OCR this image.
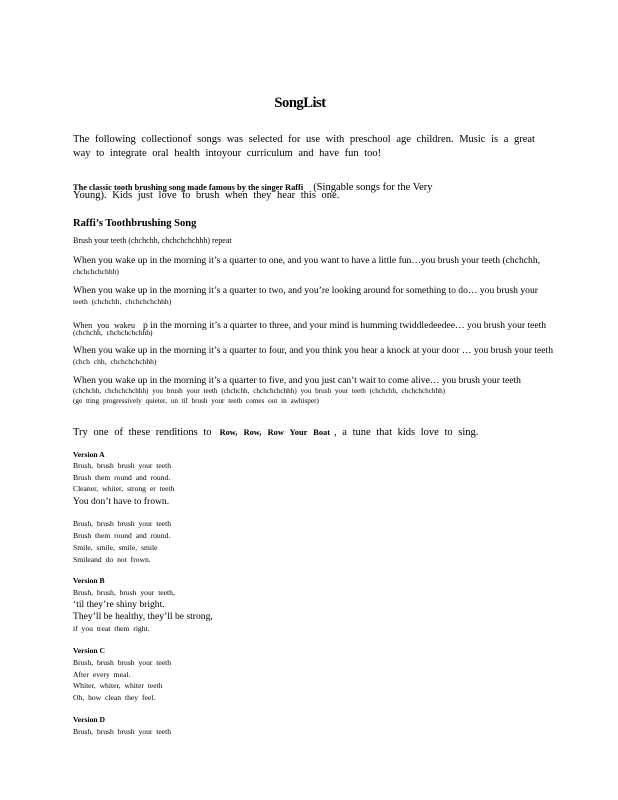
SongList

The following collectionof songs was selected for use with preschool age children. Music is a great

way to integrate oral health intoyour curriculum and have fun too!

The classic tooth brushing song made famous by the singer Raffi (Singable songs for the Very

Young). Kids just love to brush when they hear this one.

Raffi’s Toothbrushing Song

Brush your teeth (chchchh, chchchchchhh) repeat

When you wake up in the morning it’s a quarter to one, and you want to have a little fun…you brush your teeth (chchchh,

chchchchchhh)

When you wake up in the morning it’s a quarter to two, and you’re looking around for something to do… you brush your

teeth (chchchh, chchchchchhh)

When you wakeu p in the morning it’s a quarter to three, and your mind is humming twiddledeedee… you brush your teeth

(chchchh, chchchchchhh)

When you wake up in the morning it’s a quarter to four, and you think you hear a knock at your door … you brush your teeth

(chch chh, chchchchchhh)

When you wake up in the morning it’s a quarter to five, and you just can’t wait to come alive… you brush your teeth

(chchchh, chchchchchhh) you brush your teeth (chchchh, chchchchchhh) you brush your teeth (chchchh, chchchchchhh)

(ge tting progressively quieter, un til brush your teeth comes out in awhisper)

Try one of these renditions to Row, Row, Row Your Boat , a tune that kids love to sing.

Version A

Brush, brush brush your teeth

Brush them round and round.

Cleaner, whiter, strong er teeth

You don’t have to frown.

Brush, brush brush your teeth

Brush them round and round.

Smile, smile, smile, smile

Smileand do not frown.

Version B

Brush, brush, brush your teeth,

‘til they’re shiny bright.

They’ll be healthy, they’ll be strong,

if you treat them right.

Version C

Brush, brush brush your teeth

After every meal.

Whiter, whiter, whiter teeth

Oh, how clean they feel.

Version D

Brush, brush brush your teeth
